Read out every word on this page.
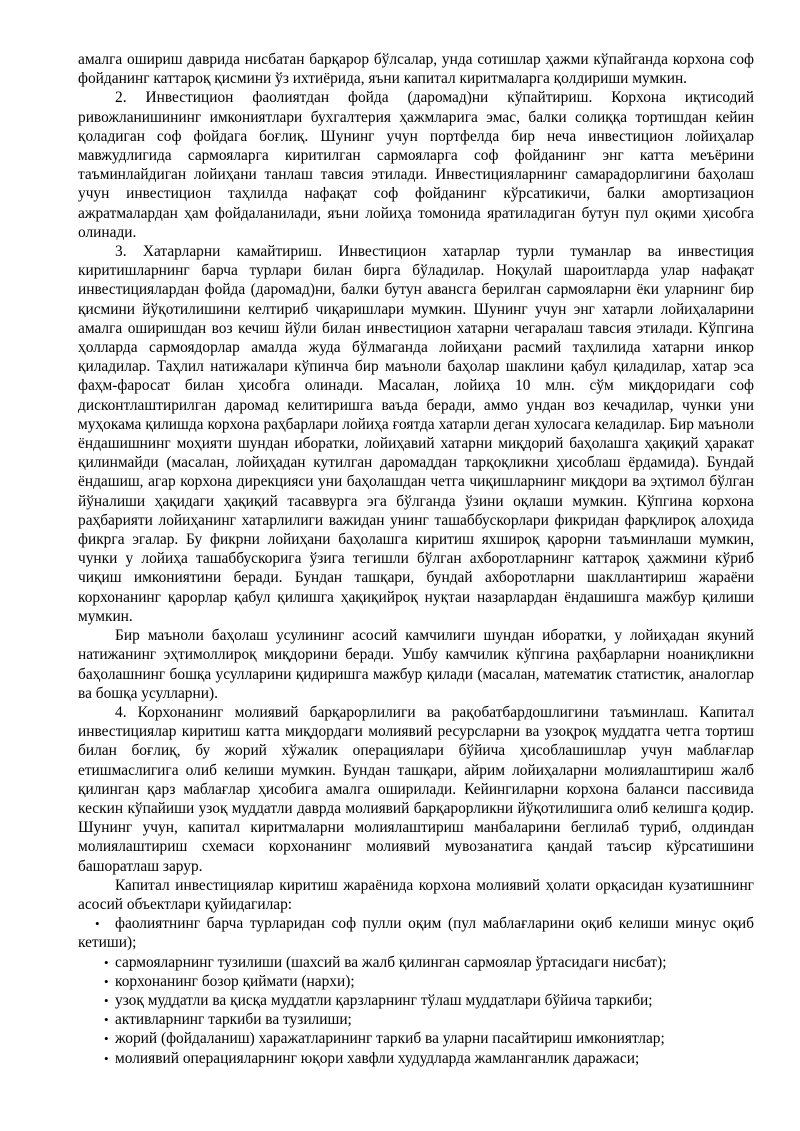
амалга ошириш даврида нисбатан барқарор бўлсалар, унда сотишлар ҳажми кўпайганда корхона соф фойданинг каттароқ қисмини ўз ихтиёрида, яъни капитал киритмаларга қолдириши мумкин.

2. Инвестицион фаолиятдан фойда (даромад)ни кўпайтириш. Корхона иқтисодий ривожланишининг имкониятлари бухгалтерия ҳажмларига эмас, балки солиққа тортишдан кейин қоладиган соф фойдага боғлиқ. Шунинг учун портфелда бир неча инвестицион лойиҳалар мавжудлигида сармояларга киритилган сармояларга соф фойданинг энг катта меъёрини таъминлайдиган лойиҳани танлаш тавсия этилади. Инвестицияларнинг самарадорлигини баҳолаш учун инвестицион таҳлилда нафақат соф фойданинг кўрсатикичи, балки амортизацион ажратмалардан ҳам фойдаланилади, яъни лойиҳа томонида яратиладиган бутун пул оқими ҳисобга олинади.

3. Хатарларни камайтириш. Инвестицион хатарлар турли туманлар ва инвестиция киритишларнинг барча турлари билан бирга бўладилар. Ноқулай шароитларда улар нафақат инвестициялардан фойда (даромад)ни, балки бутун авансга берилган сармояларни ёки уларнинг бир қисмини йўқотилишини келтириб чиқаришлари мумкин. Шунинг учун энг хатарли лойиҳаларини амалга оширишдан воз кечиш йўли билан инвестицион хатарни чегаралаш тавсия этилади. Кўпгина ҳолларда сармоядорлар амалда жуда бўлмаганда лойиҳани расмий таҳлилида хатарни инкор қиладилар. Таҳлил натижалари кўпинча бир маъноли баҳолар шаклини қабул қиладилар, хатар эса фаҳм-фаросат билан ҳисобга олинади. Масалан, лойиҳа 10 млн. сўм миқдоридаги соф дисконтлаштирилган даромад келитиришга ваъда беради, аммо ундан воз кечадилар, чунки уни муҳокама қилишда корхона раҳбарлари лойиҳа ғоятда хатарли деган хулосага келадилар. Бир маъноли ёндашишнинг моҳияти шундан иборатки, лойиҳавий хатарни миқдорий баҳолашга ҳақиқий ҳаракат қилинмайди (масалан, лойиҳадан кутилган даромаддан тарқоқликни ҳисоблаш ёрдамида). Бундай ёндашиш, агар корхона дирекцияси уни баҳолашдан четга чиқишларнинг миқдори ва эҳтимол бўлган йўналиши ҳақидаги ҳақиқий тасаввурга эга бўлганда ўзини оқлаши мумкин. Кўпгина корхона раҳбарияти лойиҳанинг хатарлилиги важидан унинг ташаббускорлари фикридан фарқлироқ алоҳида фикрга эгалар. Бу фикрни лойиҳани баҳолашга киритиш яхшироқ қарорни таъминлаши мумкин, чунки у лойиҳа ташаббускорига ўзига тегишли бўлган ахборотларнинг каттароқ ҳажмини кўриб чиқиш имкониятини беради. Бундан ташқари, бундай ахборотларни шакллантириш жараёни корхонанинг қарорлар қабул қилишга ҳақиқийроқ нуқтаи назарлардан ёндашишга мажбур қилиши мумкин.

Бир маъноли баҳолаш усулининг асосий камчилиги шундан иборатки, у лойиҳадан якуний натижанинг эҳтимоллироқ миқдорини беради. Ушбу камчилик кўпгина раҳбарларни ноаниқликни баҳолашнинг бошқа усулларини қидиришга мажбур қилади (масалан, математик статистик, аналоглар ва бошқа усулларни).

4. Корхонанинг молиявий барқарорлилиги ва рақобатбардошлигини таъминлаш. Капитал инвестициялар киритиш катта миқдордаги молиявий ресурсларни ва узоқроқ муддатга четга тортиш билан боғлиқ, бу жорий хўжалик операциялари бўйича ҳисоблашишлар учун маблағлар етишмаслигига олиб келиши мумкин. Бундан ташқари, айрим лойиҳаларни молиялаштириш жалб қилинган қарз маблағлар ҳисобига амалга оширилади. Кейингиларни корхона баланси пассивида кескин кўпайиши узоқ муддатли даврда молиявий барқарорликни йўқотилишига олиб келишга қодир. Шунинг учун, капитал киритмаларни молиялаштириш манбаларини беглилаб туриб, олдиндан молиялаштириш схемаси корхонанинг молиявий мувозанатига қандай таъсир кўрсатишини башоратлаш зарур.

Капитал инвестициялар киритиш жараёнида корхона молиявий ҳолати орқасидан кузатишнинг асосий объектлари қуйидагилар:

• фаолиятнинг барча турларидан соф пулли оқим (пул маблағларини оқиб келиши минус оқиб кетиши);
• сармояларнинг тузилиши (шахсий ва жалб қилинган сармоялар ўртасидаги нисбат);
• корхонанинг бозор қиймати (нархи);
• узоқ муддатли ва қисқа муддатли қарзларнинг тўлаш муддатлари бўйича таркиби;
• активларнинг таркиби ва тузилиши;
• жорий (фойдаланиш) харажатларининг таркиб ва уларни пасайтириш имкониятлар;
• молиявий операцияларнинг юқори хавфли худудларда жамланганлик даражаси;
